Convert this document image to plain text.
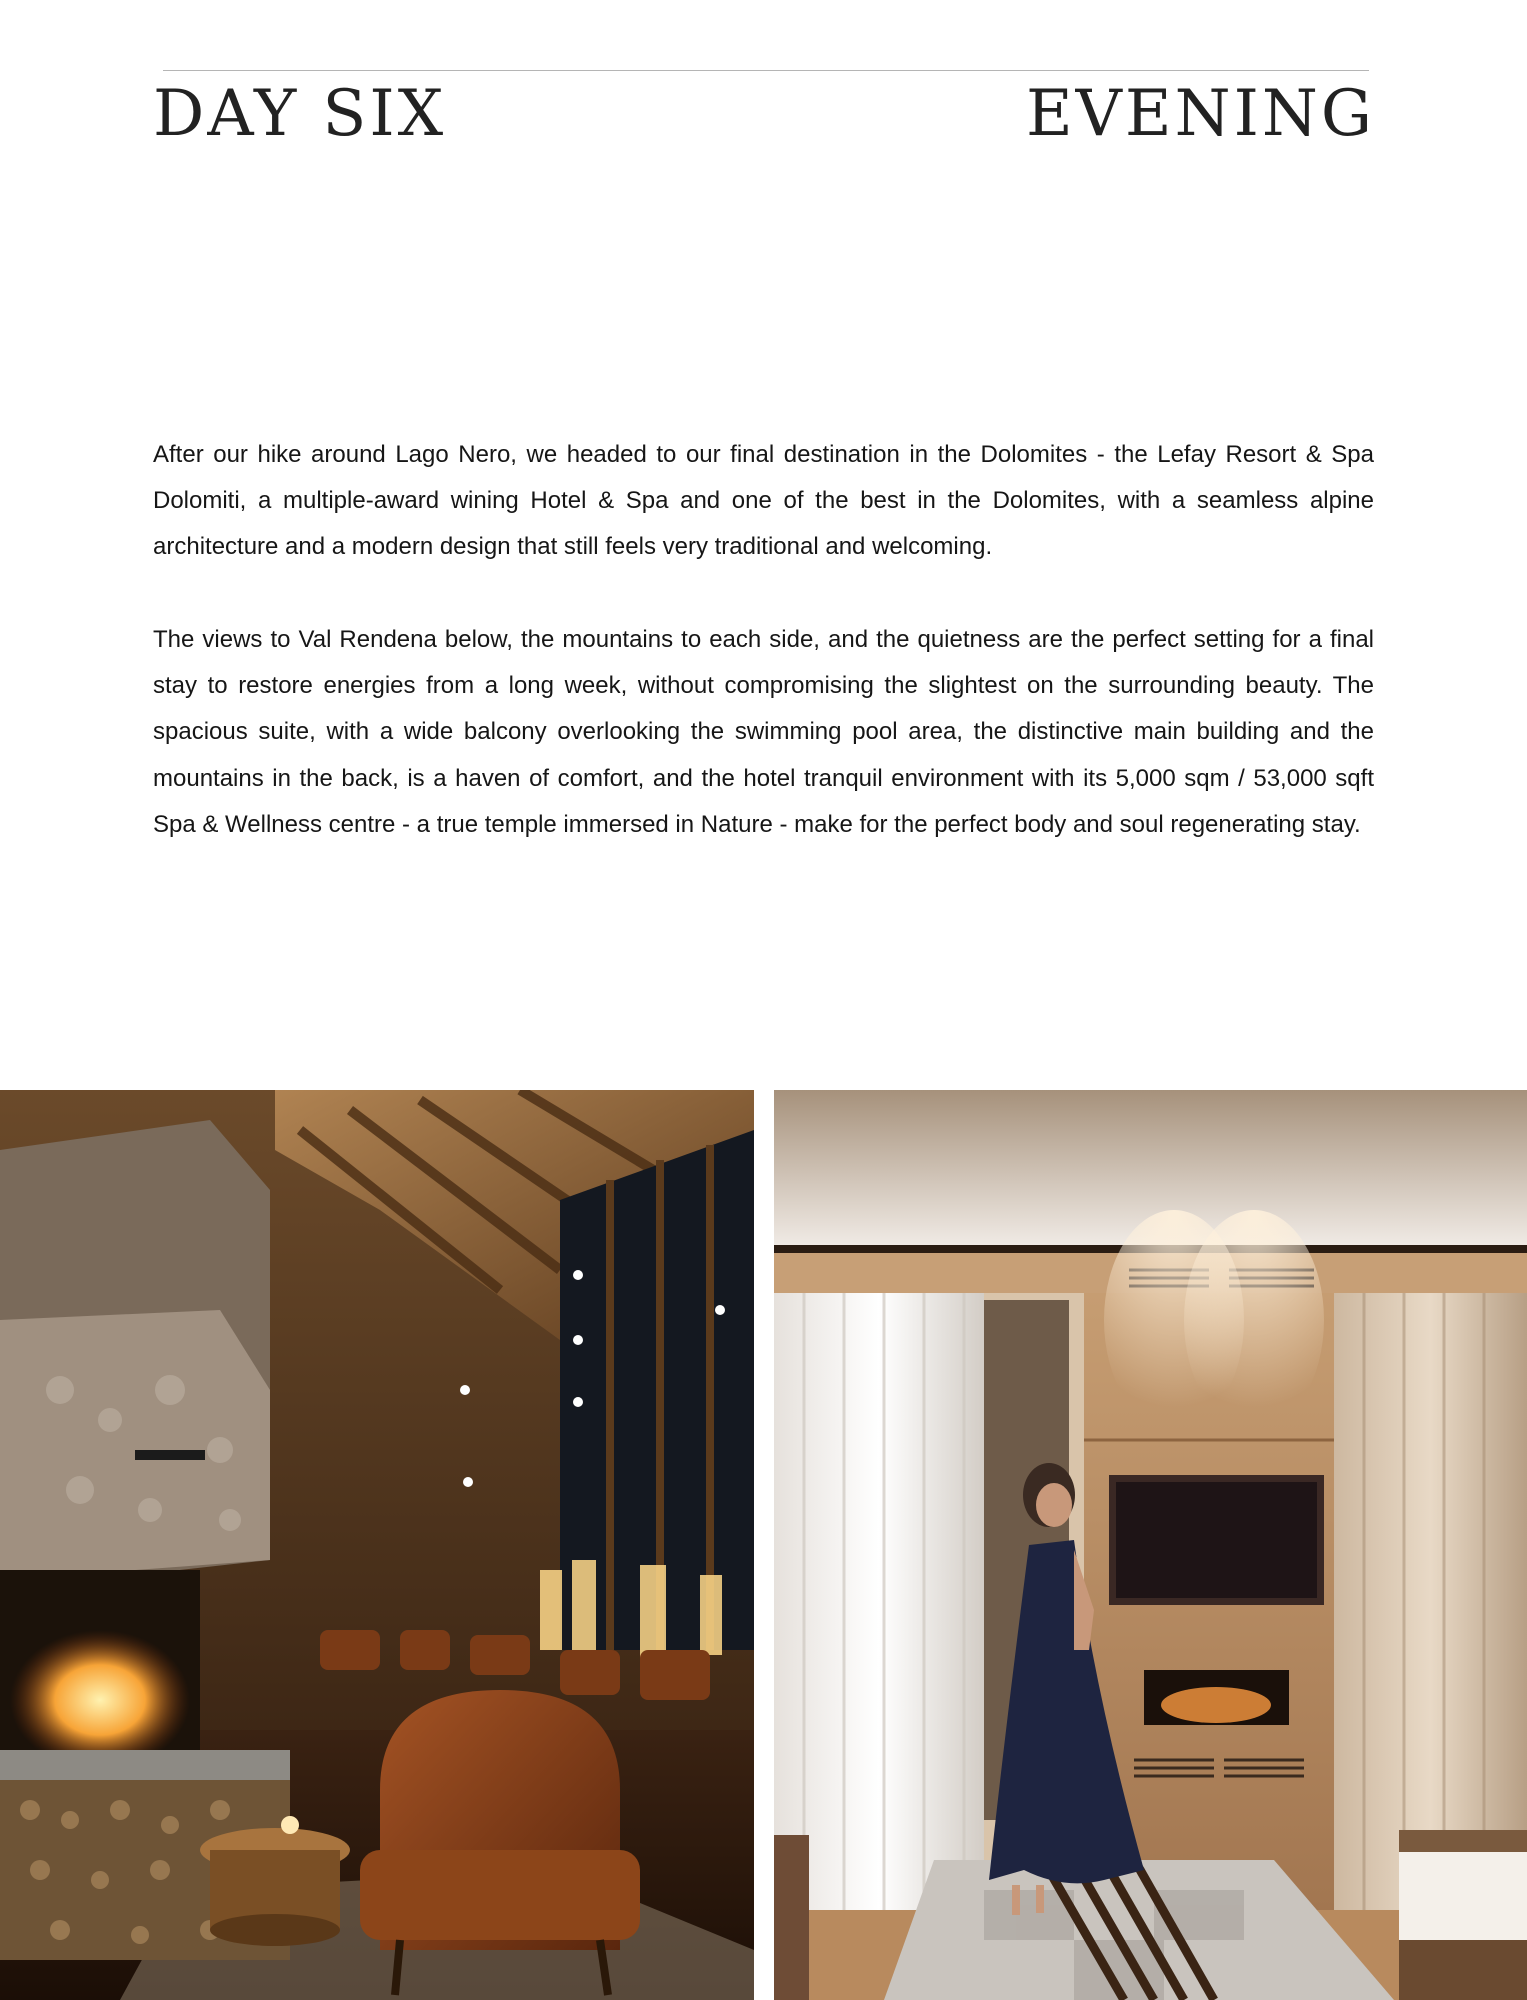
DAY SIX	EVENING

After our hike around Lago Nero, we headed to our final destination in the Dolomites - the Lefay Resort & Spa Dolomiti, a multiple-award wining Hotel & Spa and one of the best in the Dolomites, with a seamless alpine architecture and a modern design that still feels very traditional and welcoming.

The views to Val Rendena below, the mountains to each side, and the quietness are the perfect setting for a final stay to restore energies from a long week, without compromising the slightest on the surrounding beauty. The spacious suite, with a wide balcony overlooking the swimming pool area, the distinctive main building and the mountains in the back, is a haven of comfort, and the hotel tranquil environment with its 5,000 sqm / 53,000 sqft Spa & Wellness centre - a true temple immersed in Nature - make for the perfect body and soul regenerating stay.
